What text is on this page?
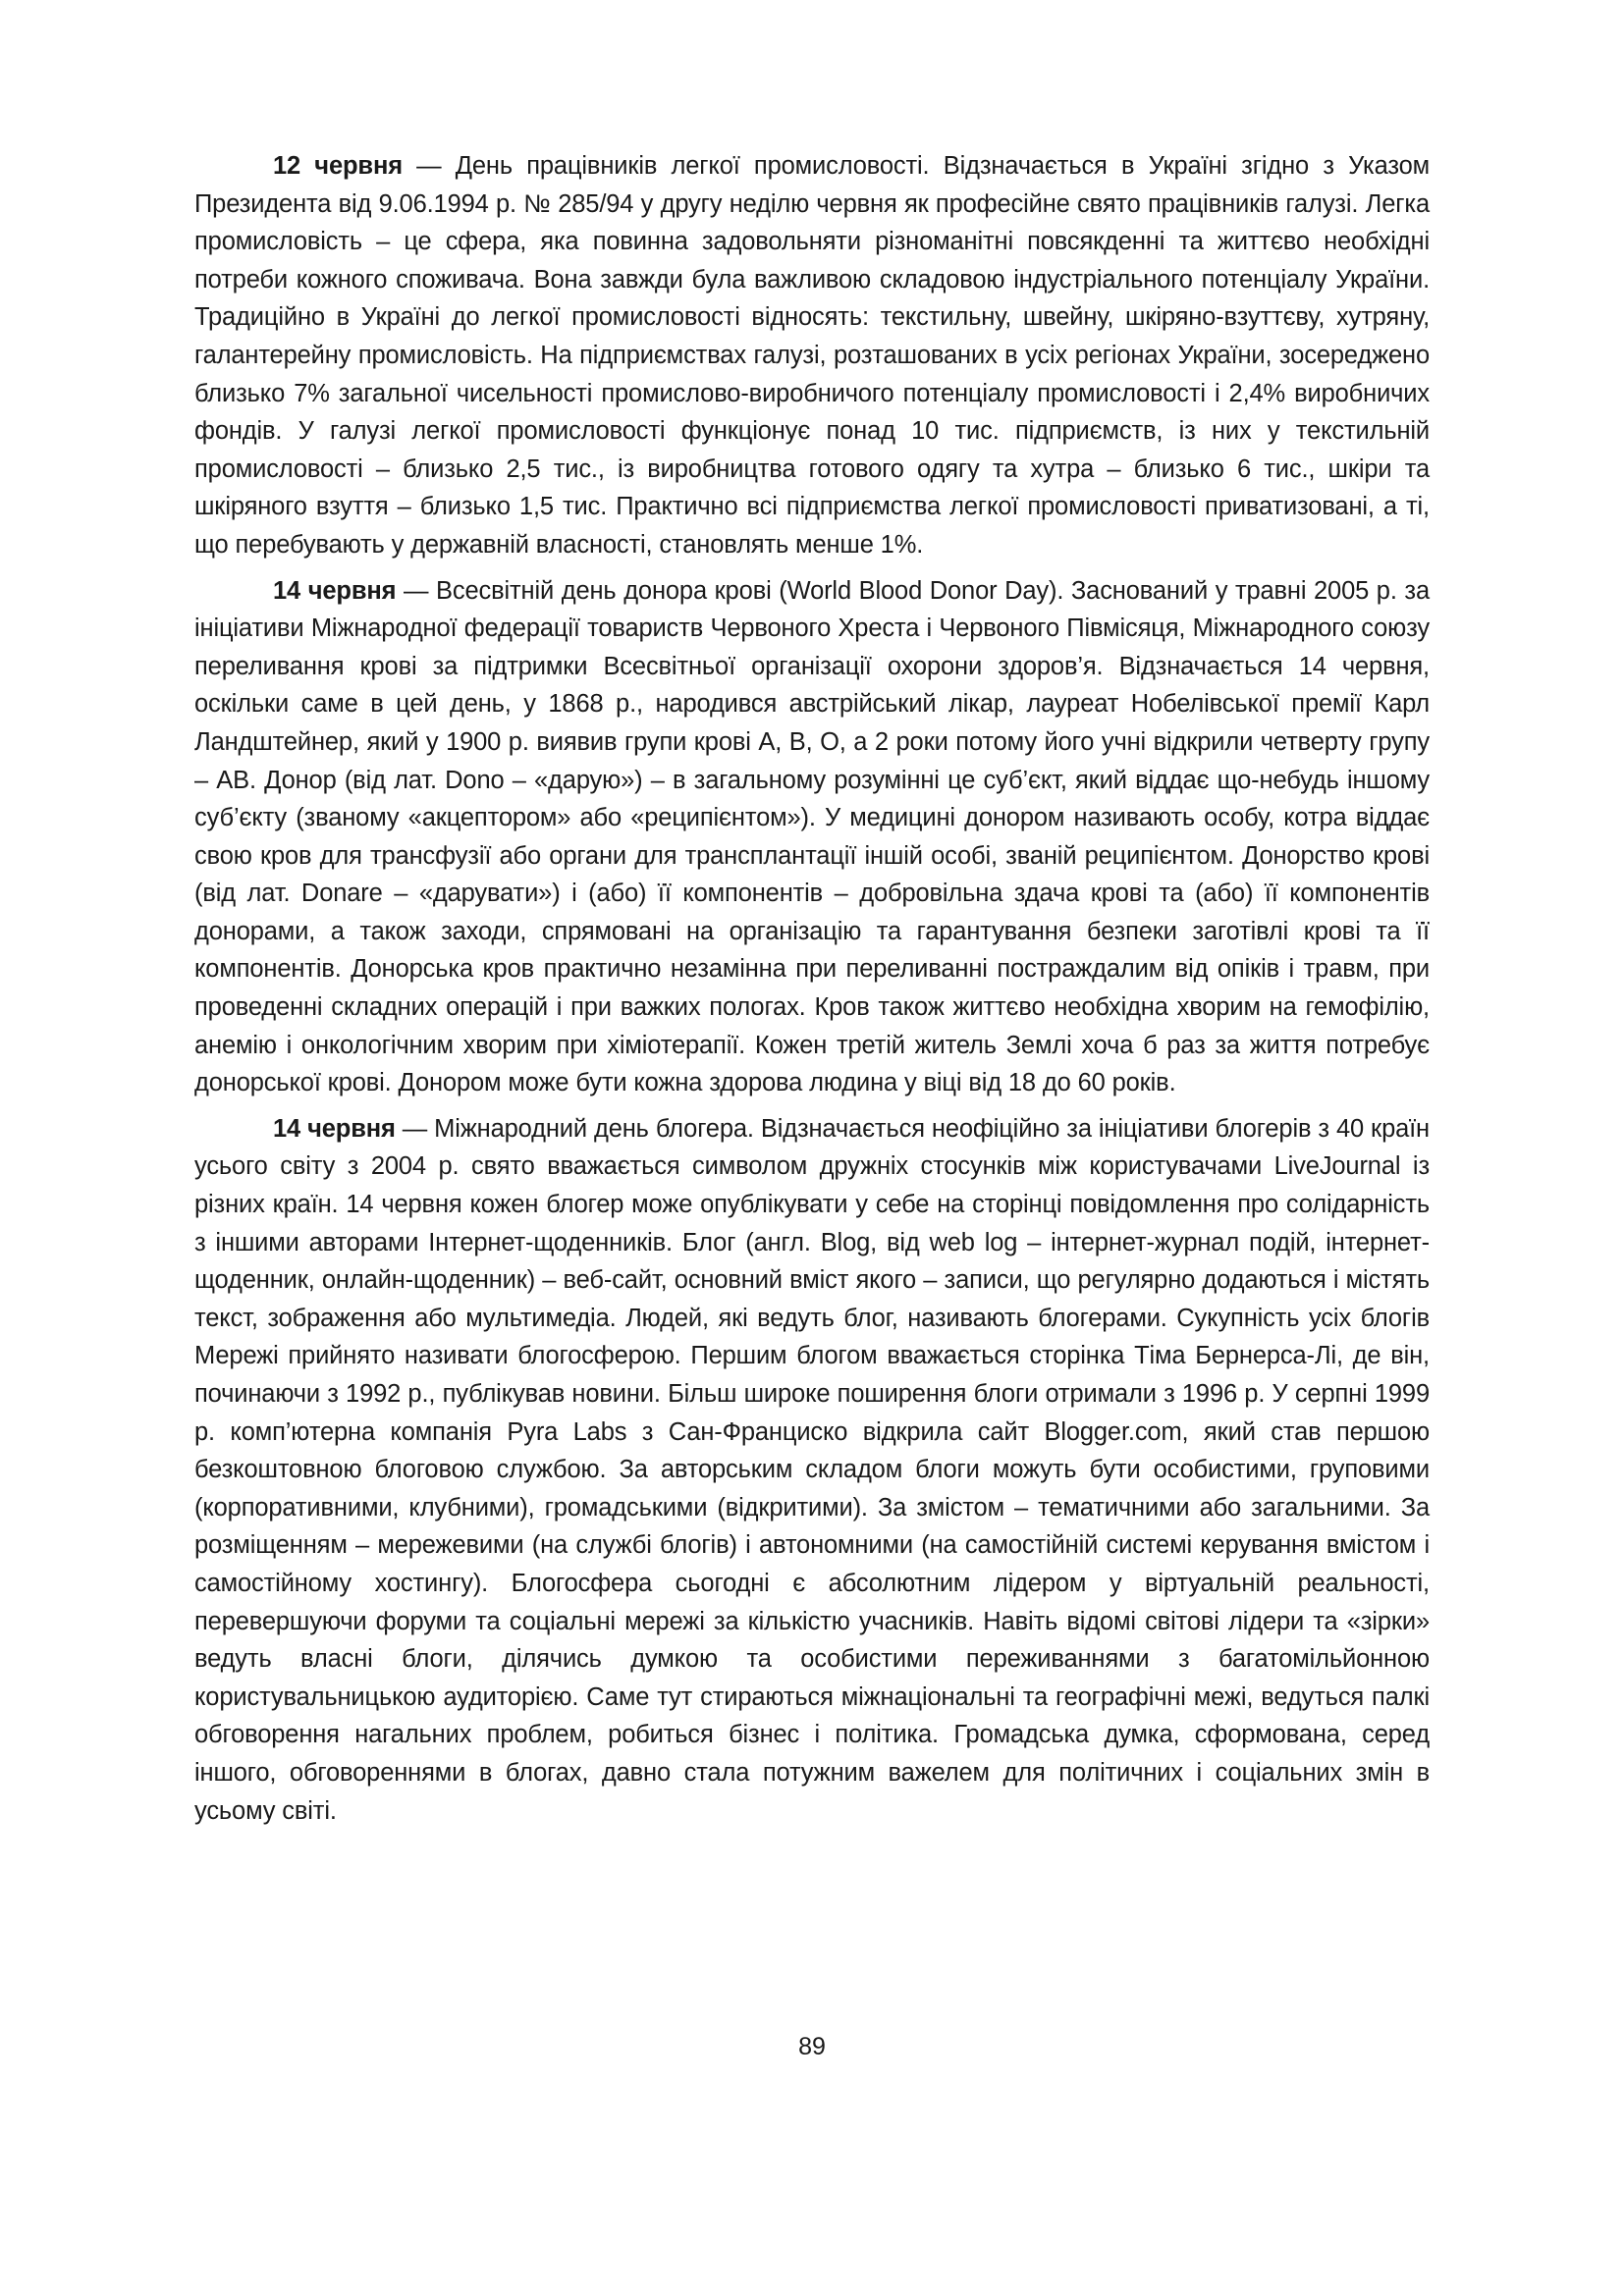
12 червня — День працівників легкої промисловості. Відзначається в Україні згідно з Указом Президента від 9.06.1994 р. № 285/94 у другу неділю червня як професійне свято працівників галузі. Легка промисловість – це сфера, яка повинна задовольняти різноманітні повсякденні та життєво необхідні потреби кожного споживача. Вона завжди була важливою складовою індустріального потенціалу України. Традиційно в Україні до легкої промисловості відносять: текстильну, швейну, шкіряно-взуттєву, хутряну, галантерейну промисловість. На підприємствах галузі, розташованих в усіх регіонах України, зосереджено близько 7% загальної чисельності промислово-виробничого потенціалу промисловості і 2,4% виробничих фондів. У галузі легкої промисловості функціонує понад 10 тис. підприємств, із них у текстильній промисловості – близько 2,5 тис., із виробництва готового одягу та хутра – близько 6 тис., шкіри та шкіряного взуття – близько 1,5 тис. Практично всі підприємства легкої промисловості приватизовані, а ті, що перебувають у державній власності, становлять менше 1%.

14 червня — Всесвітній день донора крові (World Blood Donor Day). Заснований у травні 2005 р. за ініціативи Міжнародної федерації товариств Червоного Хреста і Червоного Півмісяця, Міжнародного союзу переливання крові за підтримки Всесвітньої організації охорони здоров’я. Відзначається 14 червня, оскільки саме в цей день, у 1868 р., народився австрійський лікар, лауреат Нобелівської премії Карл Ландштейнер, який у 1900 р. виявив групи крові А, В, О, а 2 роки потому його учні відкрили четверту групу – АВ. Донор (від лат. Dono – «дарую») – в загальному розумінні це суб’єкт, який віддає що-небудь іншому суб’єкту (званому «акцептором» або «реципієнтом»). У медицині донором називають особу, котра віддає свою кров для трансфузії або органи для трансплантації іншій особі, званій реципієнтом. Донорство крові (від лат. Donare – «дарувати») і (або) її компонентів – добровільна здача крові та (або) її компонентів донорами, а також заходи, спрямовані на організацію та гарантування безпеки заготівлі крові та її компонентів. Донорська кров практично незамінна при переливанні постраждалим від опіків і травм, при проведенні складних операцій і при важких пологах. Кров також життєво необхідна хворим на гемофілію, анемію і онкологічним хворим при хіміотерапії. Кожен третій житель Землі хоча б раз за життя потребує донорської крові. Донором може бути кожна здорова людина у віці від 18 до 60 років.

14 червня — Міжнародний день блогера. Відзначається неофіційно за ініціативи блогерів з 40 країн усього світу з 2004 р. свято вважається символом дружніх стосунків між користувачами LiveJournal із різних країн. 14 червня кожен блогер може опублікувати у себе на сторінці повідомлення про солідарність з іншими авторами Інтернет-щоденників. Блог (англ. Blog, від web log – інтернет-журнал подій, інтернет-щоденник, онлайн-щоденник) – веб-сайт, основний вміст якого – записи, що регулярно додаються і містять текст, зображення або мультимедіа. Людей, які ведуть блог, називають блогерами. Сукупність усіх блогів Мережі прийнято називати блогосферою. Першим блогом вважається сторінка Тіма Бернерса-Лі, де він, починаючи з 1992 р., публікував новини. Більш широке поширення блоги отримали з 1996 р. У серпні 1999 р. комп’ютерна компанія Pyra Labs з Сан-Франциско відкрила сайт Blogger.com, який став першою безкоштовною блоговою службою. За авторським складом блоги можуть бути особистими, груповими (корпоративними, клубними), громадськими (відкритими). За змістом – тематичними або загальними. За розміщенням – мережевими (на службі блогів) і автономними (на самостійній системі керування вмістом і самостійному хостингу). Блогосфера сьогодні є абсолютним лідером у віртуальній реальності, перевершуючи форуми та соціальні мережі за кількістю учасників. Навіть відомі світові лідери та «зірки» ведуть власні блоги, ділячись думкою та особистими переживаннями з багатомільйонною користувальницькою аудиторією. Саме тут стираються міжнаціональні та географічні межі, ведуться палкі обговорення нагальних проблем, робиться бізнес і політика. Громадська думка, сформована, серед іншого, обговореннями в блогах, давно стала потужним важелем для політичних і соціальних змін в усьому світі.

89
